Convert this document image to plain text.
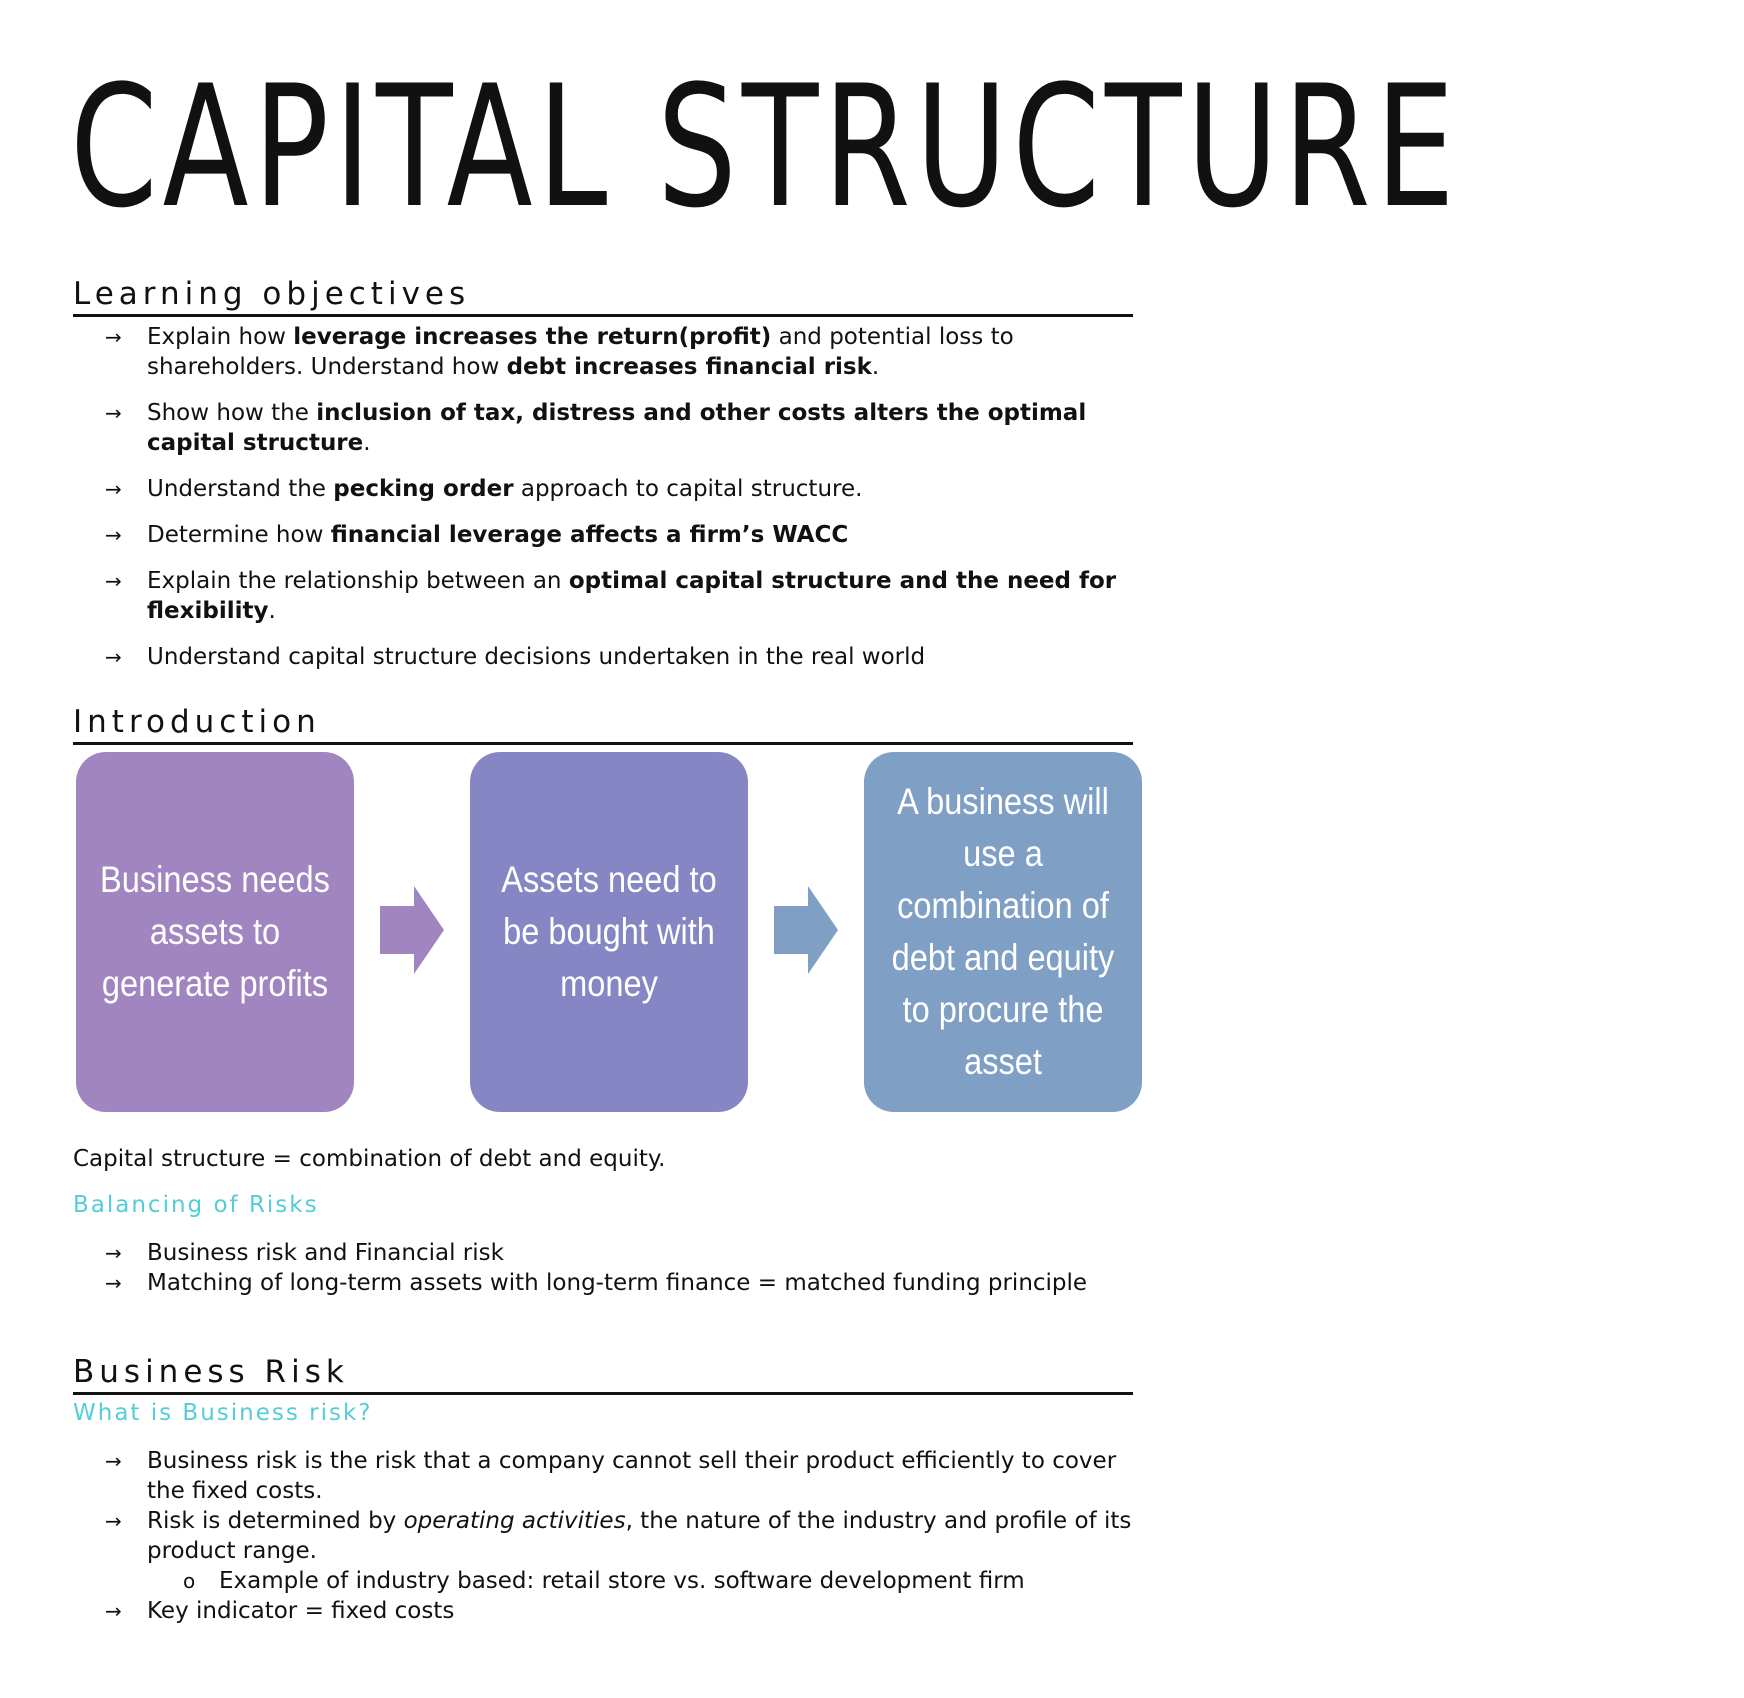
CAPITAL STRUCTURE
Learning objectives
→ Explain how leverage increases the return(profit) and potential loss to shareholders. Understand how debt increases financial risk.
→ Show how the inclusion of tax, distress and other costs alters the optimal capital structure.
→ Understand the pecking order approach to capital structure.
→ Determine how financial leverage affects a firm’s WACC
→ Explain the relationship between an optimal capital structure and the need for flexibility.
→ Understand capital structure decisions undertaken in the real world
Introduction
Business needs assets to generate profits
Assets need to be bought with money
A business will use a combination of debt and equity to procure the asset
Capital structure = combination of debt and equity.
Balancing of Risks
→ Business risk and Financial risk
→ Matching of long-term assets with long-term finance = matched funding principle
Business Risk
What is Business risk?
→ Business risk is the risk that a company cannot sell their product efficiently to cover the fixed costs.
→ Risk is determined by operating activities, the nature of the industry and profile of its product range.
o Example of industry based: retail store vs. software development firm
→ Key indicator = fixed costs
